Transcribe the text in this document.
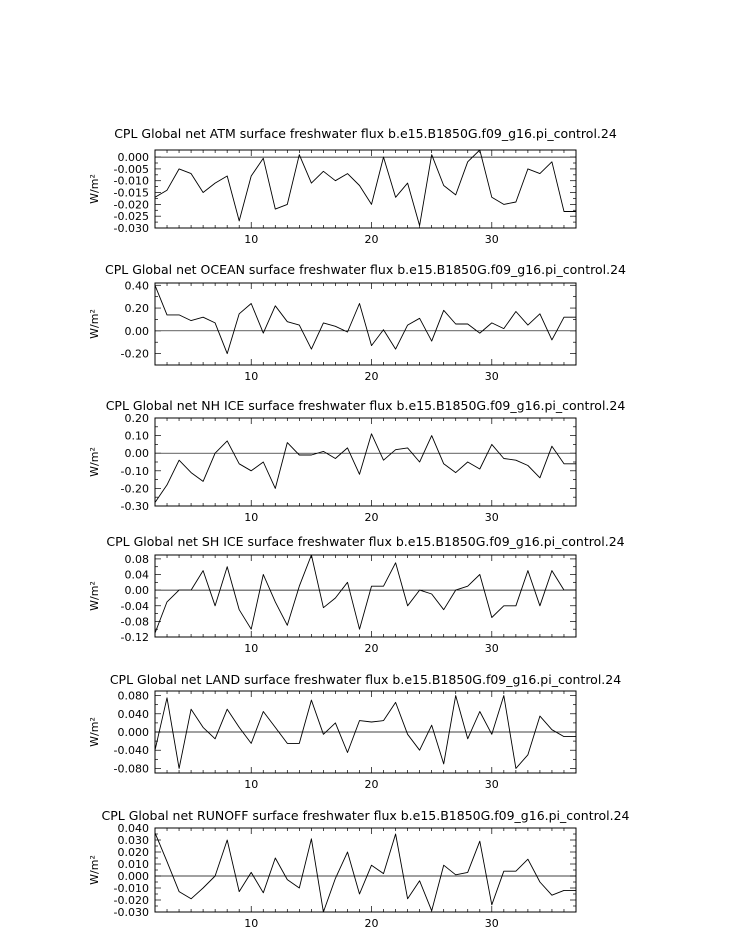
CPL Global net ATM surface freshwater flux b.e15.B1850G.f09_g16.pi_control.24
10	20	30
0.000
-0.005
-0.010
-0.015
-0.020
-0.025
-0.030
W/m²
CPL Global net OCEAN surface freshwater flux b.e15.B1850G.f09_g16.pi_control.24
10	20	30
0.40
0.20
0.00
-0.20
W/m²
CPL Global net NH ICE surface freshwater flux b.e15.B1850G.f09_g16.pi_control.24
10	20	30
0.20
0.10
0.00
-0.10
-0.20
-0.30
W/m²
CPL Global net SH ICE surface freshwater flux b.e15.B1850G.f09_g16.pi_control.24
10	20	30
0.08
0.04
0.00
-0.04
-0.08
-0.12
W/m²
CPL Global net LAND surface freshwater flux b.e15.B1850G.f09_g16.pi_control.24
10	20	30
0.080
0.040
0.000
-0.040
-0.080
W/m²
CPL Global net RUNOFF surface freshwater flux b.e15.B1850G.f09_g16.pi_control.24
10	20	30
0.040
0.030
0.020
0.010
0.000
-0.010
-0.020
-0.030
W/m²
